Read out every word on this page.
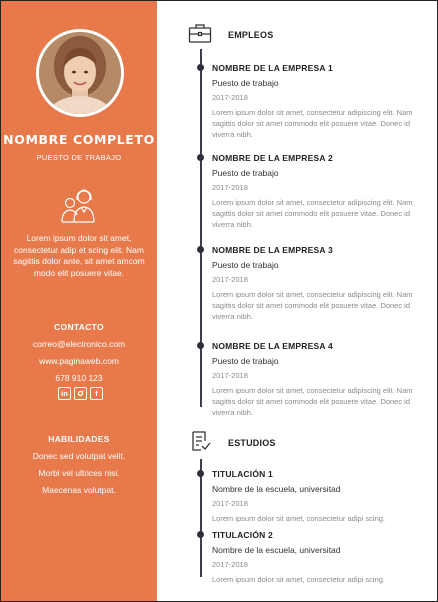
NOMBRE COMPLETO
PUESTO DE TRABAJO
Lorem ipsum dolor sit amet, consectetur adip et scing elit. Nam sagittis dolor ante, sit amet amcom modo elit posuere vitae.
CONTACTO
correo@electronico.com
www.paginaweb.com
678 910 123
in	f
HABILIDADES
Donec sed volutpat velit.
Morbi vel ultrices nisi.
Maecenas volutpat.
EMPLEOS
NOMBRE DE LA EMPRESA 1
Puesto de trabajo
2017-2018
Lorem ipsum dolor sit amet, consectetur adipiscing elit. Nam sagittis dolor sit amet commodo elit posuere vitae. Donec id viverra nibh.
NOMBRE DE LA EMPRESA 2
Puesto de trabajo
2017-2018
Lorem ipsum dolor sit amet, consectetur adipiscing elit. Nam sagittis dolor sit amet commodo elit posuere vitae. Donec id viverra nibh.
NOMBRE DE LA EMPRESA 3
Puesto de trabajo
2017-2018
Lorem ipsum dolor sit amet, consectetur adipiscing elit. Nam sagittis dolor sit amet commodo elit posuere vitae. Donec id viverra nibh.
NOMBRE DE LA EMPRESA 4
Puesto de trabajo
2017-2018
Lorem ipsum dolor sit amet, consectetur adipiscing elit. Nam sagittis dolor sit amet commodo elit posuere vitae. Donec id viverra nibh.
ESTUDIOS
TITULACIÓN 1
Nombre de la escuela, universitad
2017-2018
Lorem ipsum dolor sit amet, consectetur adipi scing.
TITULACIÓN 2
Nombre de la escuela, universitad
2017-2018
Lorem ipsum dolor sit amet, consectetur adipi scing.
